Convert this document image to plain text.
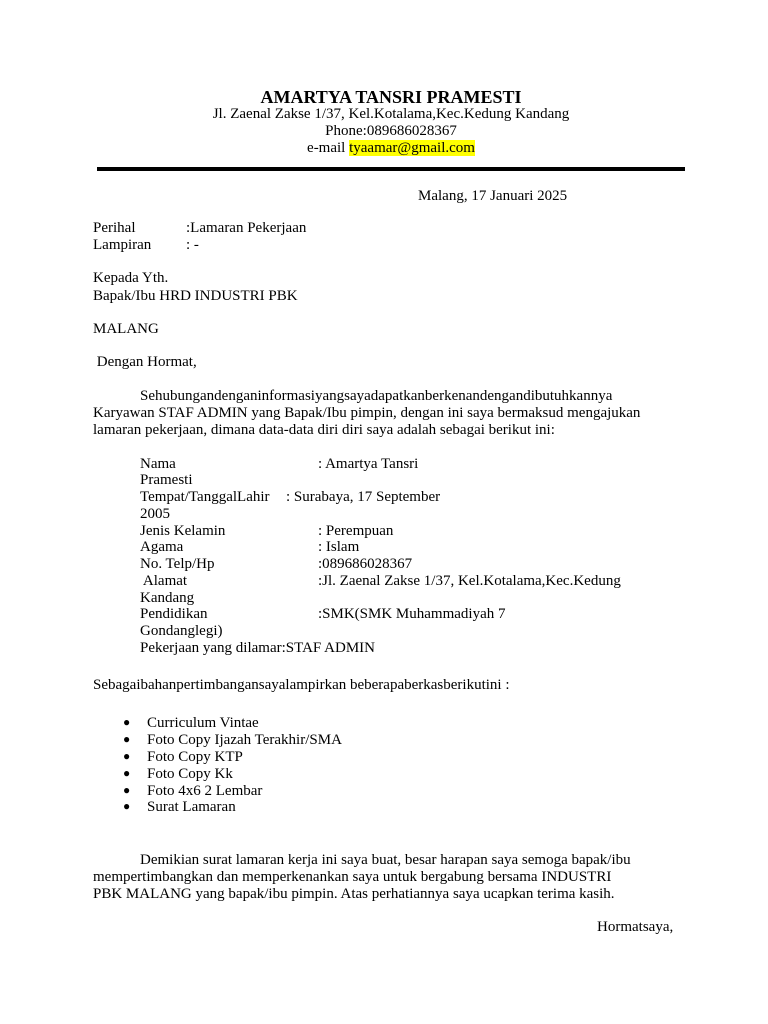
AMARTYA TANSRI PRAMESTI
Jl. Zaenal Zakse 1/37, Kel.Kotalama,Kec.Kedung Kandang
Phone:089686028367
e-mail tyaamar@gmail.com
Malang, 17 Januari 2025
Perihal	:Lamaran Pekerjaan
Lampiran : -
Kepada Yth.
Bapak/Ibu HRD INDUSTRI PBK
MALANG
Dengan Hormat,
Sehubungandenganinformasiyangsayadapatkanberkenandengandibutuhkannya
Karyawan STAF ADMIN yang Bapak/Ibu pimpin, dengan ini saya bermaksud mengajukan
lamaran pekerjaan, dimana data-data diri diri saya adalah sebagai berikut ini:
Nama	: Amartya Tansri
Pramesti
Tempat/TanggalLahir : Surabaya, 17 September
2005
Jenis Kelamin	: Perempuan
Agama	: Islam
No. Telp/Hp	:089686028367
Alamat	:Jl. Zaenal Zakse 1/37, Kel.Kotalama,Kec.Kedung
Kandang
Pendidikan	:SMK(SMK Muhammadiyah 7
Gondanglegi)
Pekerjaan yang dilamar:STAF ADMIN
Sebagaibahanpertimbangansayalampirkan beberapaberkasberikutini :
● Curriculum Vintae
● Foto Copy Ijazah Terakhir/SMA
● Foto Copy KTP
● Foto Copy Kk
● Foto 4x6 2 Lembar
● Surat Lamaran
Demikian surat lamaran kerja ini saya buat, besar harapan saya semoga bapak/ibu
mempertimbangkan dan memperkenankan saya untuk bergabung bersama INDUSTRI
PBK MALANG yang bapak/ibu pimpin. Atas perhatiannya saya ucapkan terima kasih.
Hormatsaya,
